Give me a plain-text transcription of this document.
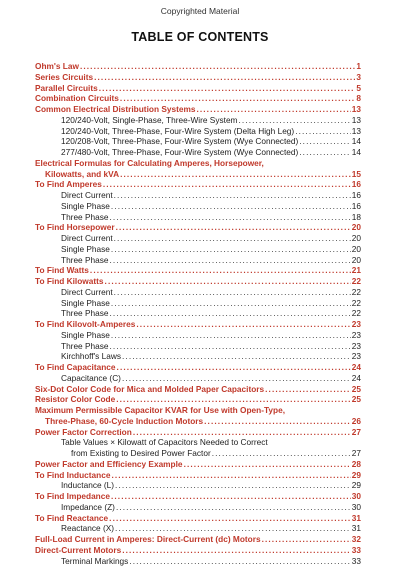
Copyrighted Material
TABLE OF CONTENTS
Ohm's Law . . .	1
Series Circuits . . .	3
Parallel Circuits . . .	5
Combination Circuits . . .	8
Common Electrical Distribution Systems . . .	13
120/240-Volt, Single-Phase, Three-Wire System . . .	13
120/240-Volt, Three-Phase, Four-Wire System (Delta High Leg) . . .	13
120/208-Volt, Three-Phase, Four-Wire System (Wye Connected) . . .	14
277/480-Volt, Three-Phase, Four-Wire System (Wye Connected) . . .	14
Electrical Formulas for Calculating Amperes, Horsepower,
Kilowatts, and kVA . . .	15
To Find Amperes . . .	16
Direct Current . . .	16
Single Phase . . .	16
Three Phase . . .	18
To Find Horsepower . . .	20
Direct Current . . .	20
Single Phase . . .	20
Three Phase . . .	20
To Find Watts . . .	21
To Find Kilowatts . . .	22
Direct Current . . .	22
Single Phase . . .	22
Three Phase . . .	22
To Find Kilovolt-Amperes . . .	23
Single Phase . . .	23
Three Phase . . .	23
Kirchhoff's Laws . . .	23
To Find Capacitance . . .	24
Capacitance (C) . . .	24
Six-Dot Color Code for Mica and Molded Paper Capacitors . . .	25
Resistor Color Code . . .	25
Maximum Permissible Capacitor KVAR for Use with Open-Type,
Three-Phase, 60-Cycle Induction Motors . . .	26
Power Factor Correction . . .	27
Table Values × Kilowatt of Capacitors Needed to Correct
from Existing to Desired Power Factor . . .	27
Power Factor and Efficiency Example . . .	28
To Find Inductance . . .	29
Inductance (L) . . .	29
To Find Impedance . . .	30
Impedance (Z) . . .	30
To Find Reactance . . .	31
Reactance (X) . . .	31
Full-Load Current in Amperes: Direct-Current (dc) Motors . . .	32
Direct-Current Motors . . .	33
Terminal Markings . . .	33
